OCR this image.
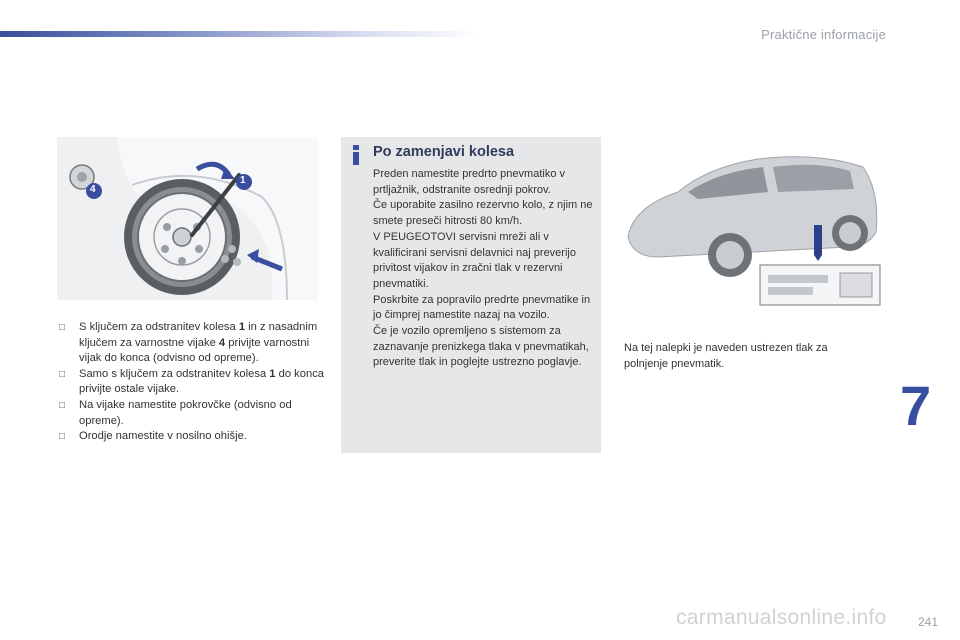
Praktične informacije
1
4

□ S ključem za odstranitev kolesa 1 in z nasadnim ključem za varnostne vijake 4 privijte varnostni vijak do konca (odvisno od opreme).

□ Samo s ključem za odstranitev kolesa 1 do konca privijte ostale vijake.

□ Na vijake namestite pokrovčke (odvisno od opreme).

□ Orodje namestite v nosilno ohišje.

Po zamenjavi kolesa

Preden namestite predrto pnevmatiko v prtljažnik, odstranite osrednji pokrov.

Če uporabite zasilno rezervno kolo, z njim ne smete preseči hitrosti 80 km/h.

V PEUGEOTOVI servisni mreži ali v kvalificirani servisni delavnici naj preverijo privitost vijakov in zračni tlak v rezervni pnevmatiki.

Poskrbite za popravilo predrte pnevmatike in jo čimprej namestite nazaj na vozilo.

Če je vozilo opremljeno s sistemom za zaznavanje prenizkega tlaka v pnevmatikah, preverite tlak in poglejte ustrezno poglavje.

Na tej nalepki je naveden ustrezen tlak za polnjenje pnevmatik.
7
carmanualsonline.info	241
